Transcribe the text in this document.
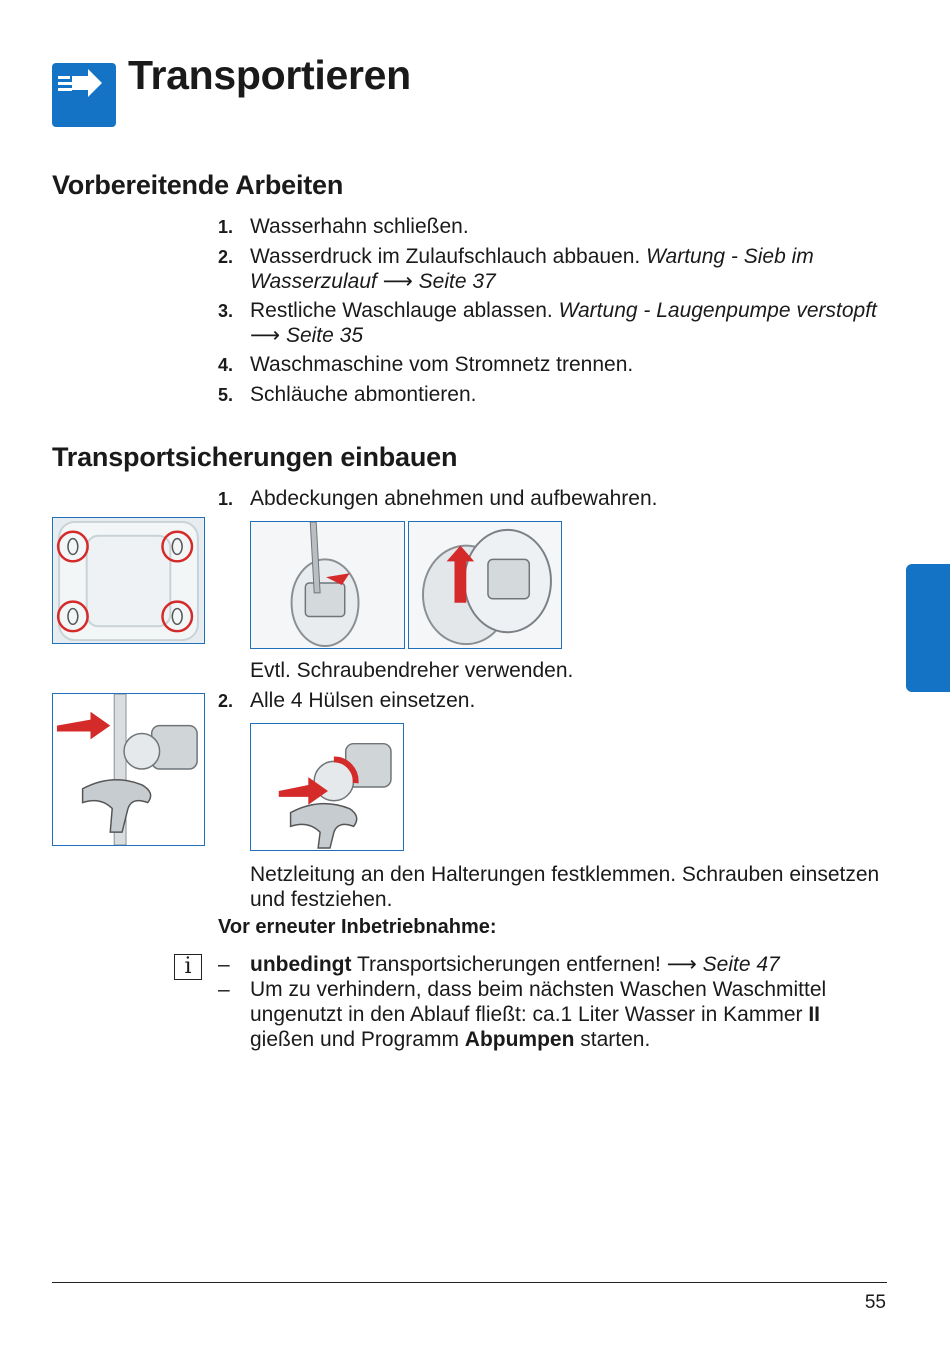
Transportieren
Vorbereitende Arbeiten
1. Wasserhahn schließen.
2. Wasserdruck im Zulaufschlauch abbauen. Wartung - Sieb im Wasserzulauf ⟶ Seite 37
3. Restliche Waschlauge ablassen. Wartung - Laugenpumpe verstopft ⟶ Seite 35
4. Waschmaschine vom Stromnetz trennen.
5. Schläuche abmontieren.
Transportsicherungen einbauen
1. Abdeckungen abnehmen und aufbewahren.
Evtl. Schraubendreher verwenden.
2. Alle 4 Hülsen einsetzen.
Netzleitung an den Halterungen festklemmen. Schrauben einsetzen und festziehen.
Vor erneuter Inbetriebnahme:
i	– unbedingt Transportsicherungen entfernen! ⟶ Seite 47
– Um zu verhindern, dass beim nächsten Waschen Waschmittel ungenutzt in den Ablauf fließt: ca.1 Liter Wasser in Kammer II gießen und Programm Abpumpen starten.
55
